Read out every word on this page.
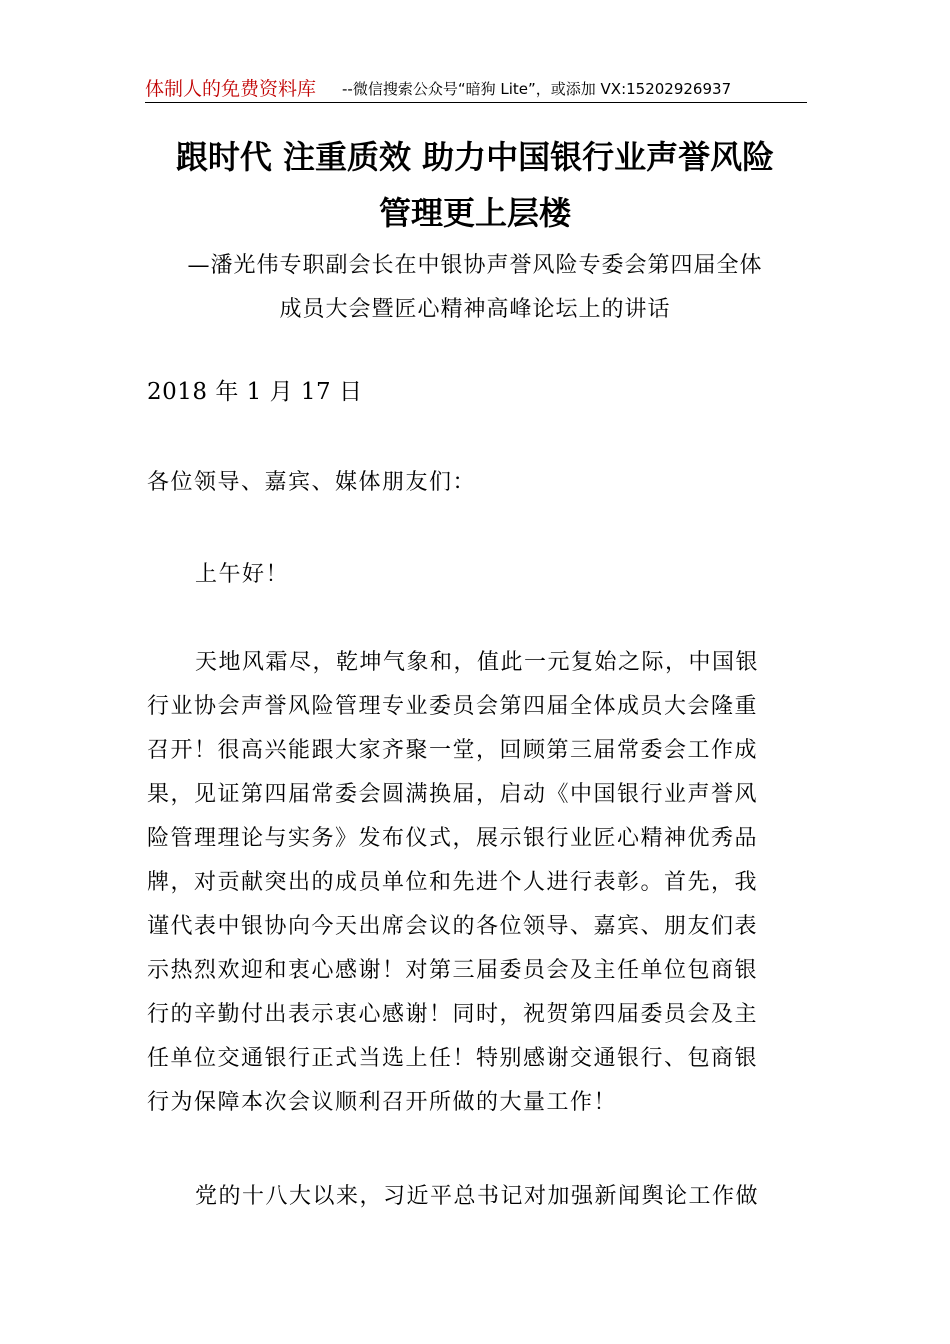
体制人的免费资料库 --微信搜索公众号“暗狗 Lite”，或添加 VX:15202926937
跟时代 注重质效 助力中国银行业声誉风险
管理更上层楼
—潘光伟专职副会长在中银协声誉风险专委会第四届全体
成员大会暨匠心精神高峰论坛上的讲话
2018 年 1 月 17 日
各位领导、嘉宾、媒体朋友们：
上午好！
天地风霜尽，乾坤气象和，值此一元复始之际，中国银
行业协会声誉风险管理专业委员会第四届全体成员大会隆重
召开！很高兴能跟大家齐聚一堂，回顾第三届常委会工作成
果，见证第四届常委会圆满换届，启动《中国银行业声誉风
险管理理论与实务》发布仪式，展示银行业匠心精神优秀品
牌，对贡献突出的成员单位和先进个人进行表彰。首先，我
谨代表中银协向今天出席会议的各位领导、嘉宾、朋友们表
示热烈欢迎和衷心感谢！对第三届委员会及主任单位包商银
行的辛勤付出表示衷心感谢！同时，祝贺第四届委员会及主
任单位交通银行正式当选上任！特别感谢交通银行、包商银
行为保障本次会议顺利召开所做的大量工作！
党的十八大以来，习近平总书记对加强新闻舆论工作做
